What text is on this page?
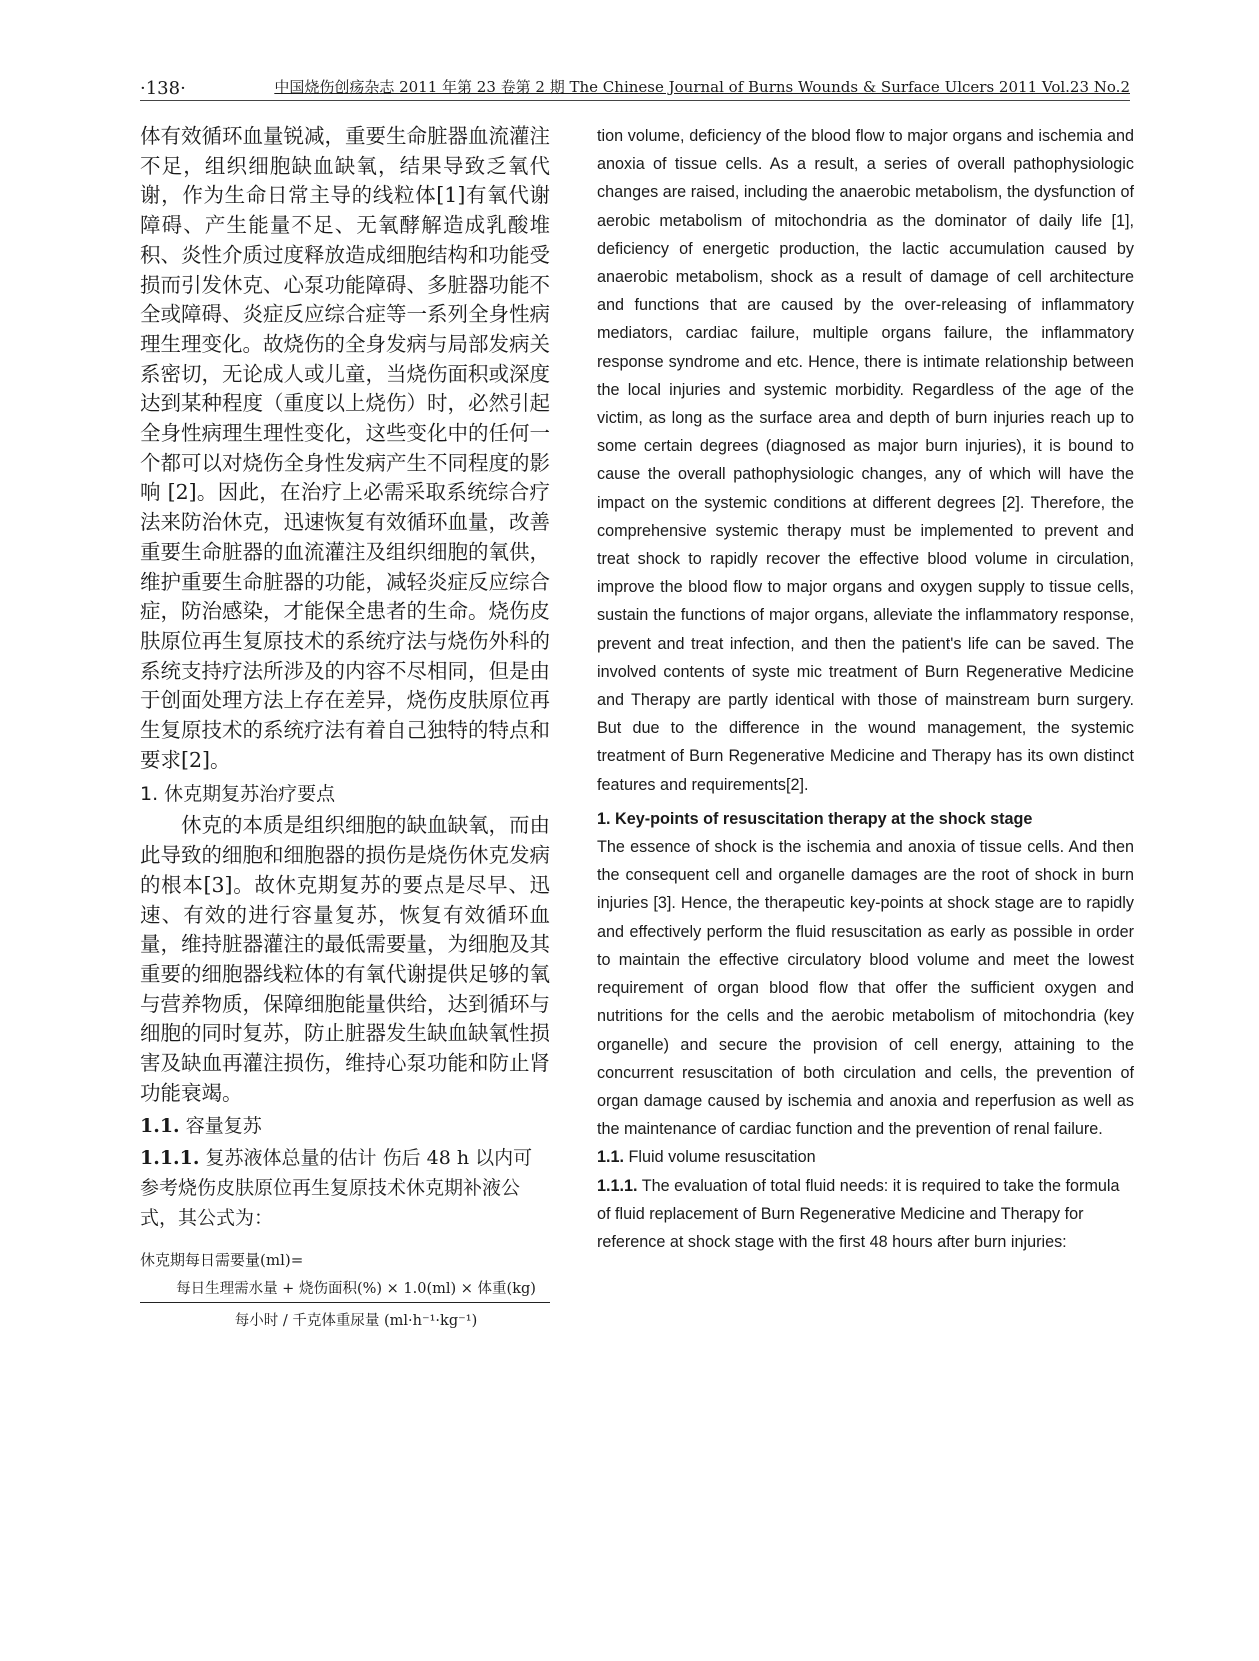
·138·	中国烧伤创疡杂志 2011 年第 23 卷第 2 期 The Chinese Journal of Burns Wounds & Surface Ulcers 2011 Vol.23 No.2

体有效循环血量锐减，重要生命脏器血流灌注不足，组织细胞缺血缺氧，结果导致乏氧代谢，作为生命日常主导的线粒体[1]有氧代谢障碍、产生能量不足、无氧酵解造成乳酸堆积、炎性介质过度释放造成细胞结构和功能受损而引发休克、心泵功能障碍、多脏器功能不全或障碍、炎症反应综合症等一系列全身性病理生理变化。故烧伤的全身发病与局部发病关系密切，无论成人或儿童，当烧伤面积或深度达到某种程度（重度以上烧伤）时，必然引起全身性病理生理性变化，这些变化中的任何一个都可以对烧伤全身性发病产生不同程度的影响 [2]。因此，在治疗上必需采取系统综合疗法来防治休克，迅速恢复有效循环血量，改善重要生命脏器的血流灌注及组织细胞的氧供，维护重要生命脏器的功能，减轻炎症反应综合症，防治感染，才能保全患者的生命。烧伤皮肤原位再生复原技术的系统疗法与烧伤外科的系统支持疗法所涉及的内容不尽相同，但是由于创面处理方法上存在差异，烧伤皮肤原位再生复原技术的系统疗法有着自己独特的特点和要求[2]。

1. 休克期复苏治疗要点

休克的本质是组织细胞的缺血缺氧，而由此导致的细胞和细胞器的损伤是烧伤休克发病的根本[3]。故休克期复苏的要点是尽早、迅速、有效的进行容量复苏，恢复有效循环血量，维持脏器灌注的最低需要量，为细胞及其重要的细胞器线粒体的有氧代谢提供足够的氧与营养物质，保障细胞能量供给，达到循环与细胞的同时复苏，防止脏器发生缺血缺氧性损害及缺血再灌注损伤，维持心泵功能和防止肾功能衰竭。

1.1. 容量复苏
1.1.1. 复苏液体总量的估计 伤后 48 h 以内可参考烧伤皮肤原位再生复原技术休克期补液公式，其公式为：
休克期每日需要量(ml)=
每日生理需水量 + 烧伤面积(%) × 1.0(ml) × 体重(kg)
每小时 / 千克体重尿量 (ml·h⁻¹·kg⁻¹)

tion volume, deficiency of the blood flow to major organs and ischemia and anoxia of tissue cells. As a result, a series of overall pathophysiologic changes are raised, including the anaerobic metabolism, the dysfunction of aerobic metabolism of mitochondria as the dominator of daily life [1], deficiency of energetic production, the lactic accumulation caused by anaerobic metabolism, shock as a result of damage of cell architecture and functions that are caused by the over-releasing of inflammatory mediators, cardiac failure, multiple organs failure, the inflammatory response syndrome and etc. Hence, there is intimate relationship between the local injuries and systemic morbidity. Regardless of the age of the victim, as long as the surface area and depth of burn injuries reach up to some certain degrees (diagnosed as major burn injuries), it is bound to cause the overall pathophysiologic changes, any of which will have the impact on the systemic conditions at different degrees [2]. Therefore, the comprehensive systemic therapy must be implemented to prevent and treat shock to rapidly recover the effective blood volume in circulation, improve the blood flow to major organs and oxygen supply to tissue cells, sustain the functions of major organs, alleviate the inflammatory response, prevent and treat infection, and then the patient's life can be saved. The involved contents of syste mic treatment of Burn Regenerative Medicine and Therapy are partly identical with those of mainstream burn surgery. But due to the difference in the wound management, the systemic treatment of Burn Regenerative Medicine and Therapy has its own distinct features and requirements[2].

1. Key-points of resuscitation therapy at the shock stage

The essence of shock is the ischemia and anoxia of tissue cells. And then the consequent cell and organelle damages are the root of shock in burn injuries [3]. Hence, the therapeutic key-points at shock stage are to rapidly and effectively perform the fluid resuscitation as early as possible in order to maintain the effective circulatory blood volume and meet the lowest requirement of organ blood flow that offer the sufficient oxygen and nutritions for the cells and the aerobic metabolism of mitochondria (key organelle) and secure the provision of cell energy, attaining to the concurrent resuscitation of both circulation and cells, the prevention of organ damage caused by ischemia and anoxia and reperfusion as well as the maintenance of cardiac function and the prevention of renal failure.

1.1. Fluid volume resuscitation
1.1.1. The evaluation of total fluid needs: it is required to take the formula of fluid replacement of Burn Regenerative Medicine and Therapy for reference at shock stage with the first 48 hours after burn injuries:
